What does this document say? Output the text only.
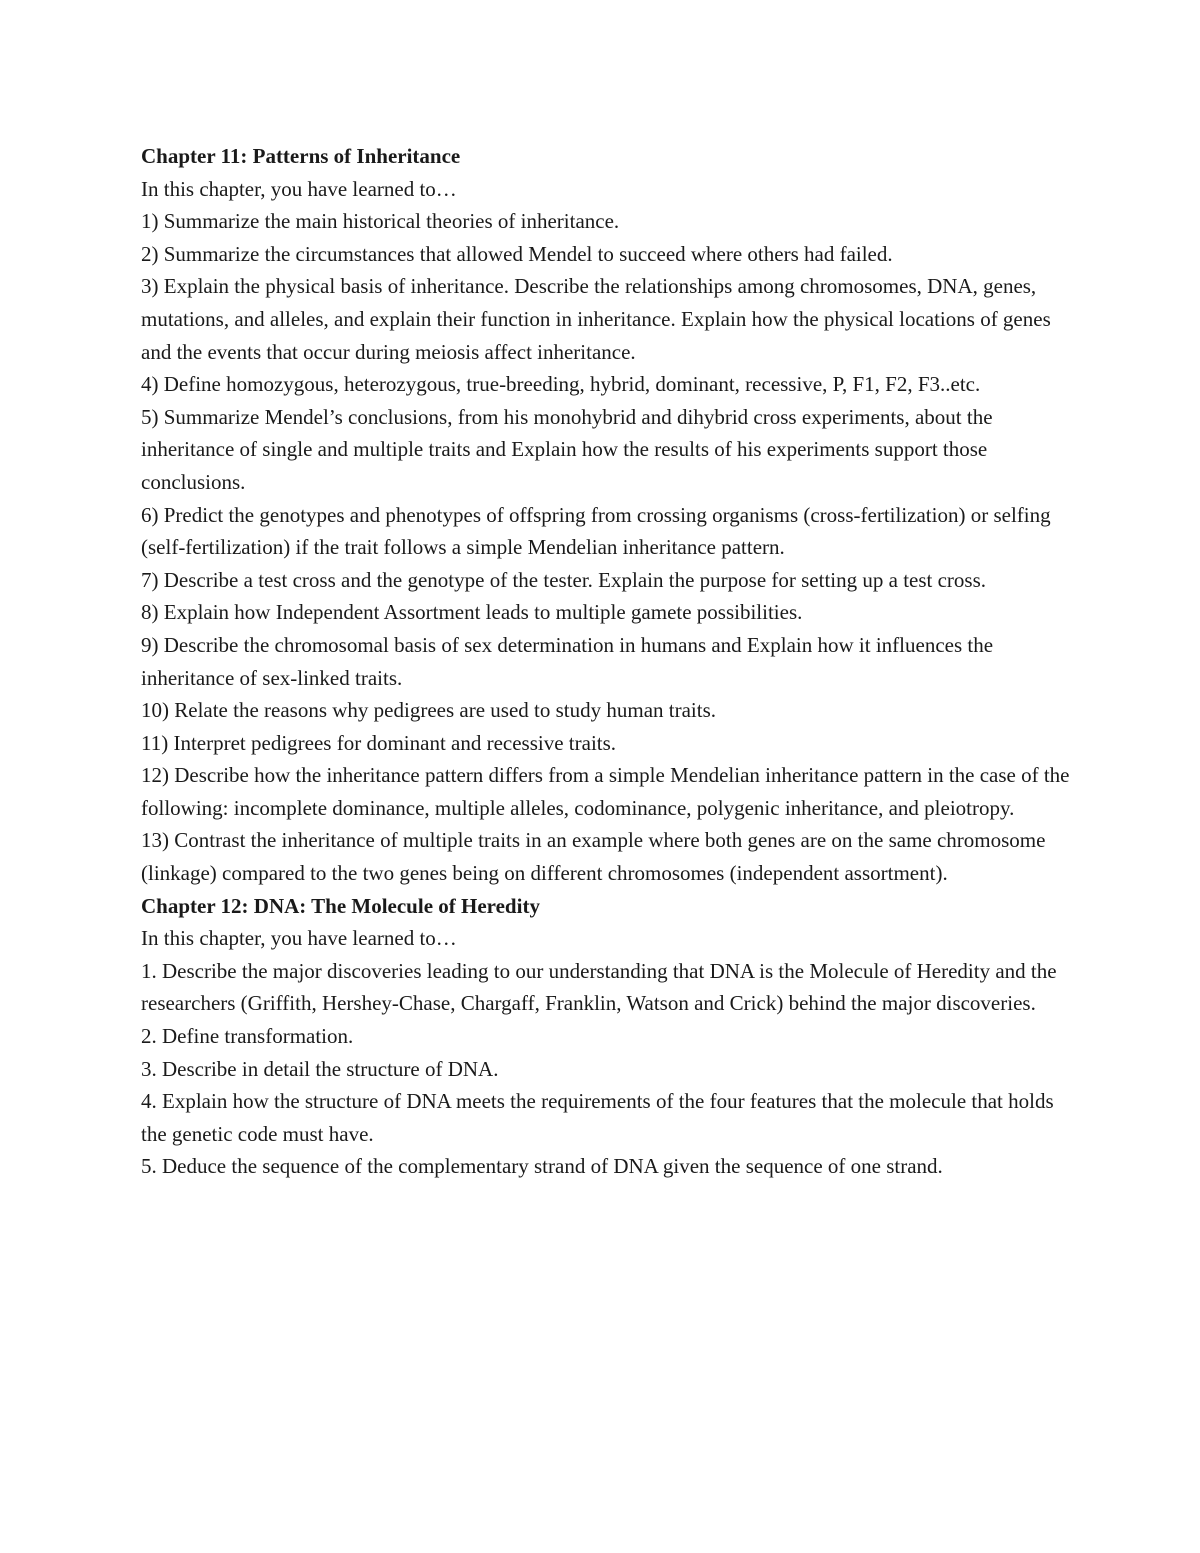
Chapter 11: Patterns of Inheritance

In this chapter, you have learned to…

1) Summarize the main historical theories of inheritance.

2) Summarize the circumstances that allowed Mendel to succeed where others had failed.

3) Explain the physical basis of inheritance. Describe the relationships among chromosomes, DNA, genes, mutations, and alleles, and explain their function in inheritance. Explain how the physical locations of genes and the events that occur during meiosis affect inheritance.

4) Define homozygous, heterozygous, true-breeding, hybrid, dominant, recessive, P, F1, F2, F3..etc.

5) Summarize Mendel’s conclusions, from his monohybrid and dihybrid cross experiments, about the inheritance of single and multiple traits and Explain how the results of his experiments support those conclusions.

6) Predict the genotypes and phenotypes of offspring from crossing organisms (cross-fertilization) or selfing (self-fertilization) if the trait follows a simple Mendelian inheritance pattern.

7) Describe a test cross and the genotype of the tester. Explain the purpose for setting up a test cross.

8) Explain how Independent Assortment leads to multiple gamete possibilities.

9) Describe the chromosomal basis of sex determination in humans and Explain how it influences the inheritance of sex-linked traits.

10) Relate the reasons why pedigrees are used to study human traits.

11) Interpret pedigrees for dominant and recessive traits.

12) Describe how the inheritance pattern differs from a simple Mendelian inheritance pattern in the case of the following: incomplete dominance, multiple alleles, codominance, polygenic inheritance, and pleiotropy.

13) Contrast the inheritance of multiple traits in an example where both genes are on the same chromosome (linkage) compared to the two genes being on different chromosomes (independent assortment).

Chapter 12: DNA: The Molecule of Heredity

In this chapter, you have learned to…

1. Describe the major discoveries leading to our understanding that DNA is the Molecule of Heredity and the researchers (Griffith, Hershey-Chase, Chargaff, Franklin, Watson and Crick) behind the major discoveries.

2. Define transformation.

3. Describe in detail the structure of DNA.

4. Explain how the structure of DNA meets the requirements of the four features that the molecule that holds the genetic code must have.

5. Deduce the sequence of the complementary strand of DNA given the sequence of one strand.
